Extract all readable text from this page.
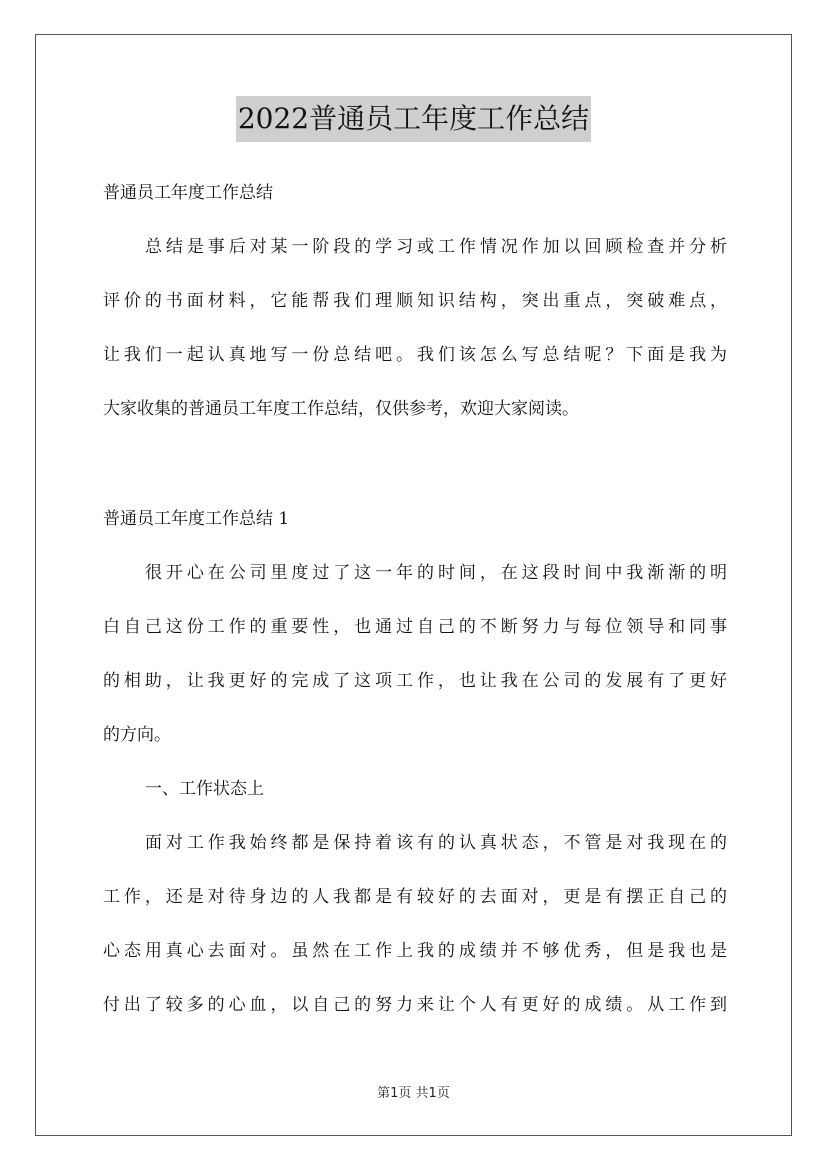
2022普通员工年度工作总结
普通员工年度工作总结
总结是事后对某一阶段的学习或工作情况作加以回顾检查并分析
评价的书面材料，它能帮我们理顺知识结构，突出重点，突破难点，
让我们一起认真地写一份总结吧。我们该怎么写总结呢？下面是我为
大家收集的普通员工年度工作总结，仅供参考，欢迎大家阅读。
普通员工年度工作总结 1
很开心在公司里度过了这一年的时间，在这段时间中我渐渐的明
白自己这份工作的重要性，也通过自己的不断努力与每位领导和同事
的相助，让我更好的完成了这项工作，也让我在公司的发展有了更好
的方向。
一、工作状态上
面对工作我始终都是保持着该有的认真状态，不管是对我现在的
工作，还是对待身边的人我都是有较好的去面对，更是有摆正自己的
心态用真心去面对。虽然在工作上我的成绩并不够优秀，但是我也是
付出了较多的心血，以自己的努力来让个人有更好的成绩。从工作到
第1页 共1页
